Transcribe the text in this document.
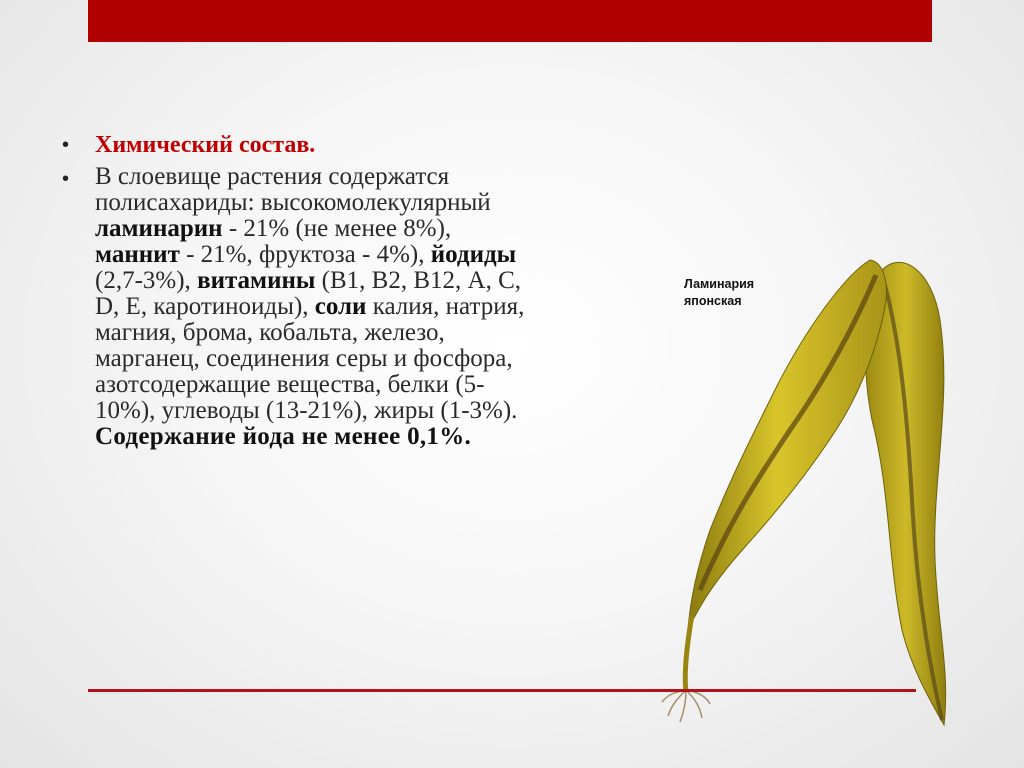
•	Химический состав.
•	В слоевище растения содержатся полисахариды: высокомолекулярный ламинарин - 21% (не менее 8%), маннит - 21%, фруктоза - 4%), йодиды (2,7-3%), витамины (В1, В2, В12, А, С, D, Е, каротиноиды), соли калия, натрия, магния, брома, кобальта, железо, марганец, соединения серы и фосфора, азотсодержащие вещества, белки (5-10%), углеводы (13-21%), жиры (1-3%).
Содержание йода не менее 0,1%.
Ламинария
японская
